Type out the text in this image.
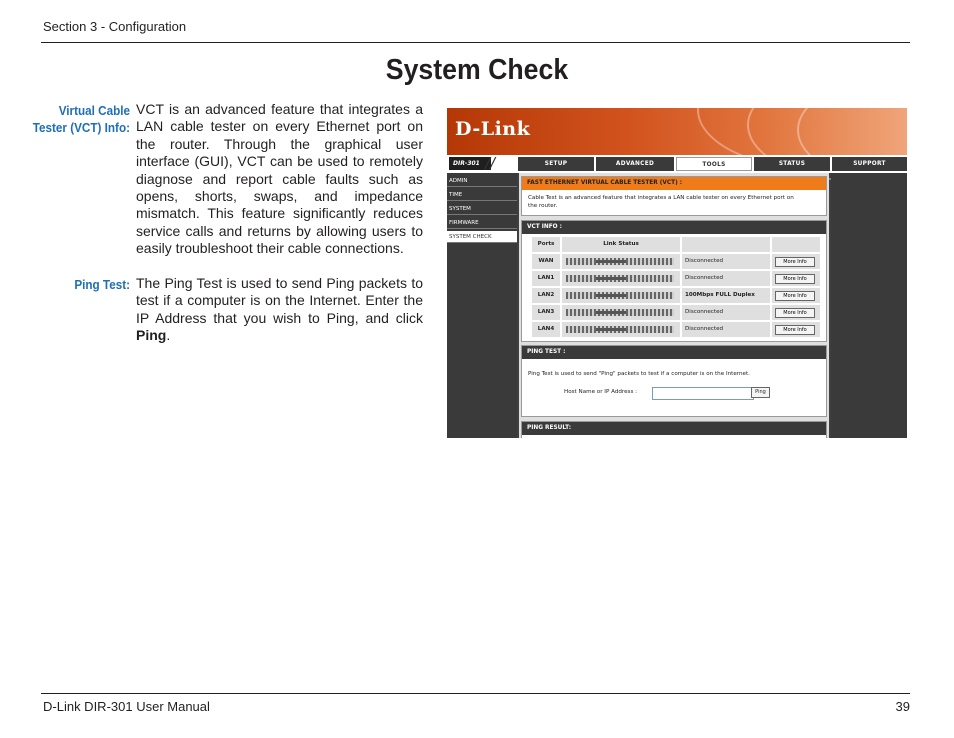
Section 3 - Configuration
System Check
Virtual Cable
Tester (VCT) Info:
VCT is an advanced feature that integrates a LAN cable tester on every Ethernet port on the router. Through the graphical user interface (GUI), VCT can be used to remotely diagnose and report cable faults such as opens, shorts, swaps, and impedance mismatch. This feature significantly reduces service calls and returns by allowing users to easily troubleshoot their cable connections.
Ping Test: The Ping Test is used to send Ping packets to test if a computer is on the Internet. Enter the IP Address that you wish to Ping, and click Ping.
D-Link
DIR-301 //	SETUP	ADVANCED	TOOLS	STATUS	SUPPORT
ADMIN
TIME
SYSTEM
FIRMWARE
SYSTEM CHECK
FAST ETHERNET VIRTUAL CABLE TESTER (VCT) :
Cable Test is an advanced feature that integrates a LAN cable tester on every Ethernet port on
the router.
VCT INFO :
Ports	Link Status
WAN	Disconnected	More Info
LAN1	Disconnected	More Info
LAN2	100Mbps FULL Duplex	More Info
LAN3	Disconnected	More Info
LAN4	Disconnected	More Info
PING TEST :
Ping Test is used to send "Ping" packets to test if a computer is on the Internet.
Host Name or IP Address :	Ping
PING RESULT:
D-Link DIR-301 User Manual	39
